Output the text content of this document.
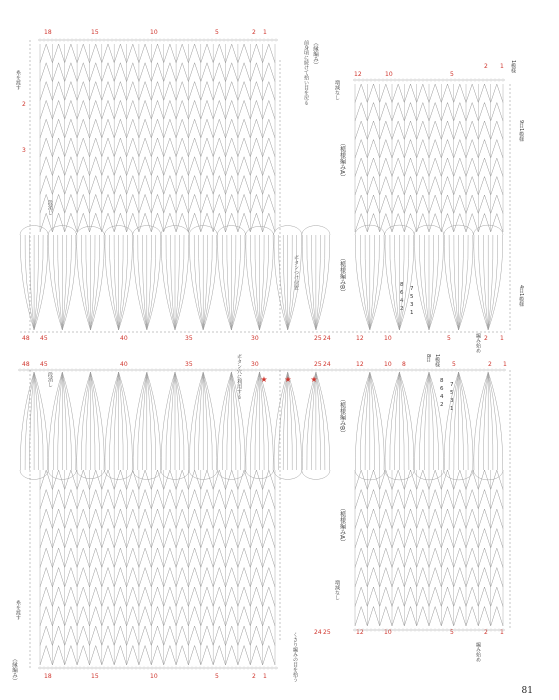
18	15	10	5	2 1
2
3
糸を渡す
段消し
（模様編みA）
（模様編みB）
増減なし
（縁編み）
前身頃に続けて拾い目を戻る
ボタンつけ位置
12	10	5
2 1 1模様
9目1模様
4目1模様
48 45	40	35	30	25 24	12	10	5	2 1
編み始め
8
7
6
5
4
3
2
1
48 45	40	35	30	25 24	12	10 8	5	2 1
ボタン穴に利用する
段消し
糸を渡す
（模様編みA）
（模様編みB）
増減なし
（縁編み）	くさり編みの目を拾う
1模様
8目
編み始め
18	15	10	5	2 1
24 25	12	10	5	2 1
8
7
6
5
4
3
2
1
★ ★ ★
81
